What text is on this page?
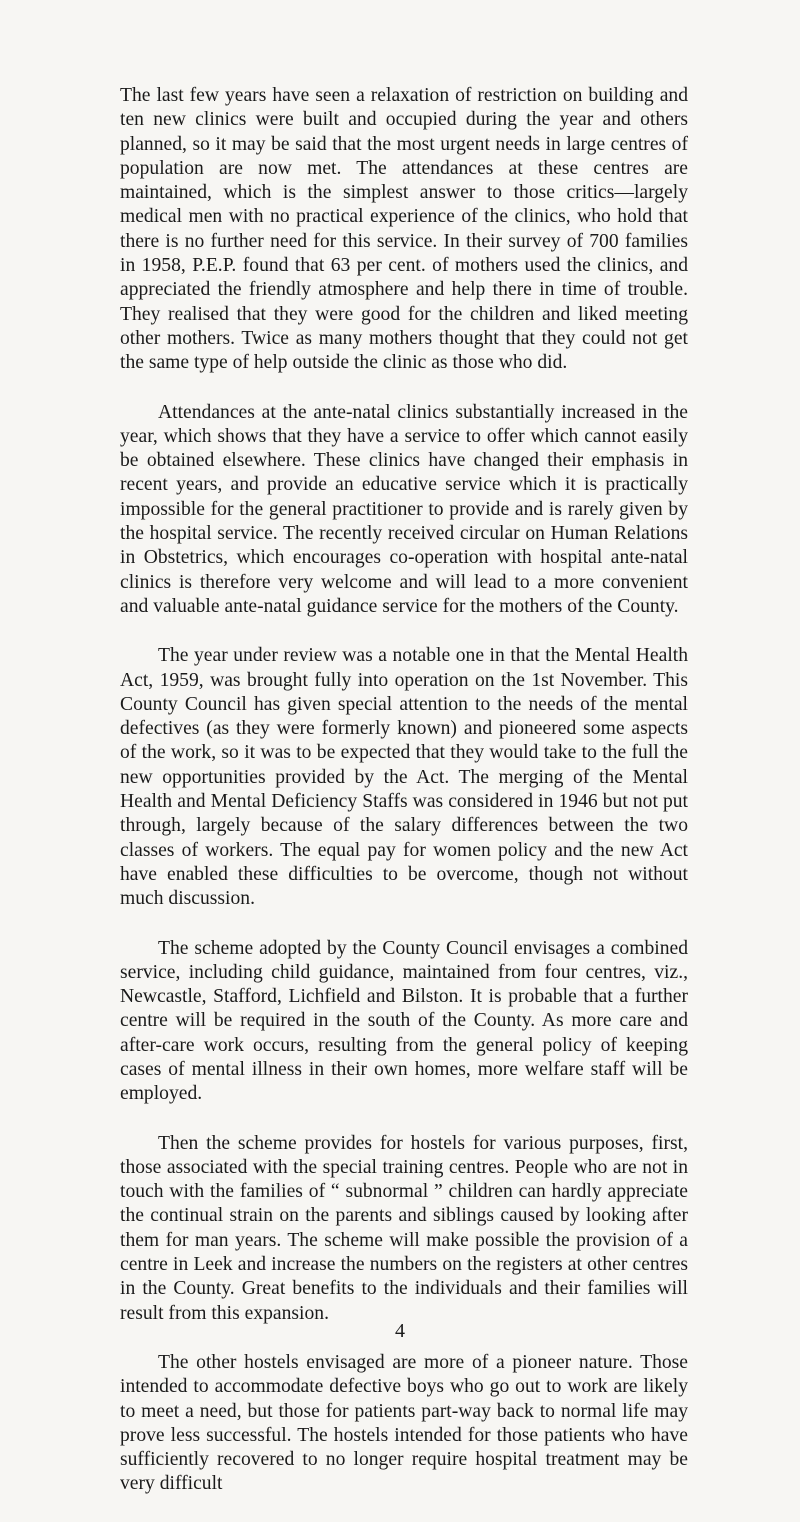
The last few years have seen a relaxation of restriction on building and ten new clinics were built and occupied during the year and others planned, so it may be said that the most urgent needs in large centres of population are now met. The attendances at these centres are maintained, which is the simplest answer to those critics—largely medical men with no practical experience of the clinics, who hold that there is no further need for this service. In their survey of 700 families in 1958, P.E.P. found that 63 per cent. of mothers used the clinics, and appreciated the friendly atmosphere and help there in time of trouble. They realised that they were good for the children and liked meeting other mothers. Twice as many mothers thought that they could not get the same type of help outside the clinic as those who did.

Attendances at the ante-natal clinics substantially increased in the year, which shows that they have a service to offer which cannot easily be obtained elsewhere. These clinics have changed their emphasis in recent years, and provide an educative service which it is practically impossible for the general practitioner to provide and is rarely given by the hospital service. The recently received circular on Human Relations in Obstetrics, which encourages co-operation with hospital ante-natal clinics is therefore very welcome and will lead to a more convenient and valuable ante-natal guidance service for the mothers of the County.

The year under review was a notable one in that the Mental Health Act, 1959, was brought fully into operation on the 1st November. This County Council has given special attention to the needs of the mental defectives (as they were formerly known) and pioneered some aspects of the work, so it was to be expected that they would take to the full the new opportunities provided by the Act. The merging of the Mental Health and Mental Deficiency Staffs was considered in 1946 but not put through, largely because of the salary differences between the two classes of workers. The equal pay for women policy and the new Act have enabled these difficulties to be overcome, though not without much discussion.

The scheme adopted by the County Council envisages a combined service, including child guidance, maintained from four centres, viz., Newcastle, Stafford, Lichfield and Bilston. It is probable that a further centre will be required in the south of the County. As more care and after-care work occurs, resulting from the general policy of keeping cases of mental illness in their own homes, more welfare staff will be employed.

Then the scheme provides for hostels for various purposes, first, those associated with the special training centres. People who are not in touch with the families of “ subnormal ” children can hardly appreciate the continual strain on the parents and siblings caused by looking after them for man years. The scheme will make possible the provision of a centre in Leek and increase the numbers on the registers at other centres in the County. Great benefits to the individuals and their families will result from this expansion.

The other hostels envisaged are more of a pioneer nature. Those intended to accommodate defective boys who go out to work are likely to meet a need, but those for patients part-way back to normal life may prove less successful. The hostels intended for those patients who have sufficiently recovered to no longer require hospital treatment may be very difficult

4
